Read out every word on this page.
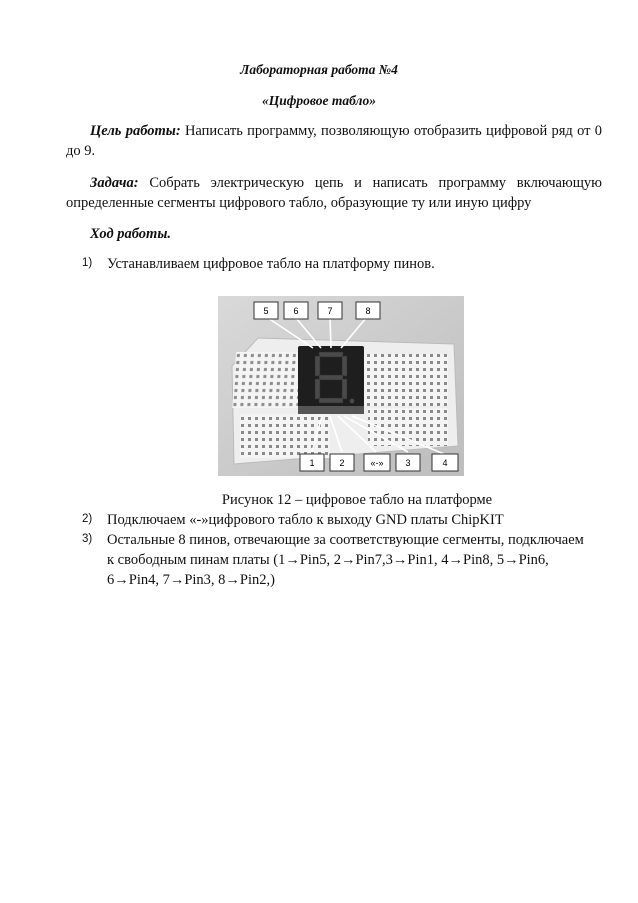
Лабораторная работа №4
«Цифровое табло»
Цель работы: Написать программу, позволяющую отобразить цифровой ряд от 0 до 9.
Задача: Собрать электрическую цепь и написать программу включающую определенные сегменты цифрового табло, образующие ту или иную цифру
Ход работы.
1) Устанавливаем цифровое табло на платформу пинов.
5	6	7	8
1	2	«-» 3	4
Рисунок 12 – цифровое табло на платформе
2) Подключаем «-»цифрового табло к выходу GND платы ChipKIT
3) Остальные 8 пинов, отвечающие за соответствующие сегменты, подключаем
к свободным пинам платы (1→Pin5, 2→Pin7,3→Pin1, 4→Pin8, 5→Pin6,
6→Pin4, 7→Pin3, 8→Pin2,)
